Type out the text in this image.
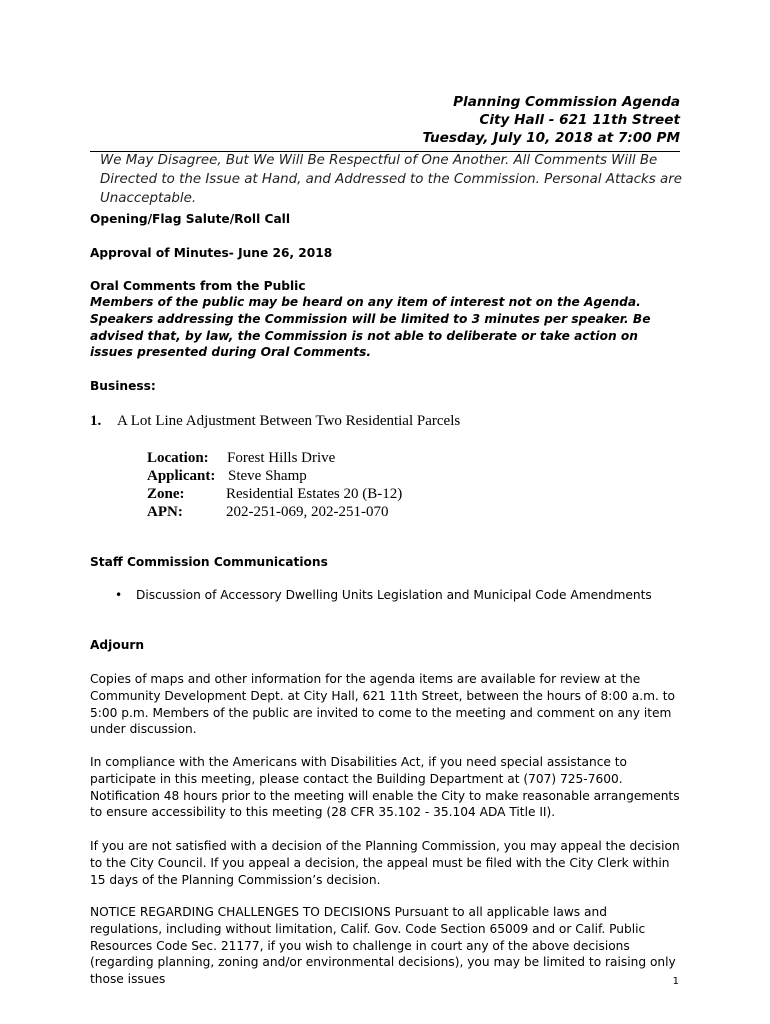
Planning Commission Agenda
City Hall - 621 11th Street
Tuesday, July 10, 2018 at 7:00 PM
We May Disagree, But We Will Be Respectful of One Another. All Comments Will Be Directed to the Issue at Hand, and Addressed to the Commission. Personal Attacks are Unacceptable.
Opening/Flag Salute/Roll Call
Approval of Minutes- June 26, 2018
Oral Comments from the Public
Members of the public may be heard on any item of interest not on the Agenda. Speakers addressing the Commission will be limited to 3 minutes per speaker. Be advised that, by law, the Commission is not able to deliberate or take action on issues presented during Oral Comments.
Business:
1. A Lot Line Adjustment Between Two Residential Parcels
Location: Forest Hills Drive
Applicant: Steve Shamp
Zone:	Residential Estates 20 (B-12)
APN:	202-251-069, 202-251-070
Staff Commission Communications
• Discussion of Accessory Dwelling Units Legislation and Municipal Code Amendments
Adjourn
Copies of maps and other information for the agenda items are available for review at the Community Development Dept. at City Hall, 621 11th Street, between the hours of 8:00 a.m. to 5:00 p.m. Members of the public are invited to come to the meeting and comment on any item under discussion.
In compliance with the Americans with Disabilities Act, if you need special assistance to participate in this meeting, please contact the Building Department at (707) 725-7600. Notification 48 hours prior to the meeting will enable the City to make reasonable arrangements to ensure accessibility to this meeting (28 CFR 35.102 - 35.104 ADA Title II).
If you are not satisfied with a decision of the Planning Commission, you may appeal the decision to the City Council. If you appeal a decision, the appeal must be filed with the City Clerk within 15 days of the Planning Commission’s decision.
NOTICE REGARDING CHALLENGES TO DECISIONS Pursuant to all applicable laws and regulations, including without limitation, Calif. Gov. Code Section 65009 and or Calif. Public Resources Code Sec. 21177, if you wish to challenge in court any of the above decisions (regarding planning, zoning and/or environmental decisions), you may be limited to raising only those issues	1
